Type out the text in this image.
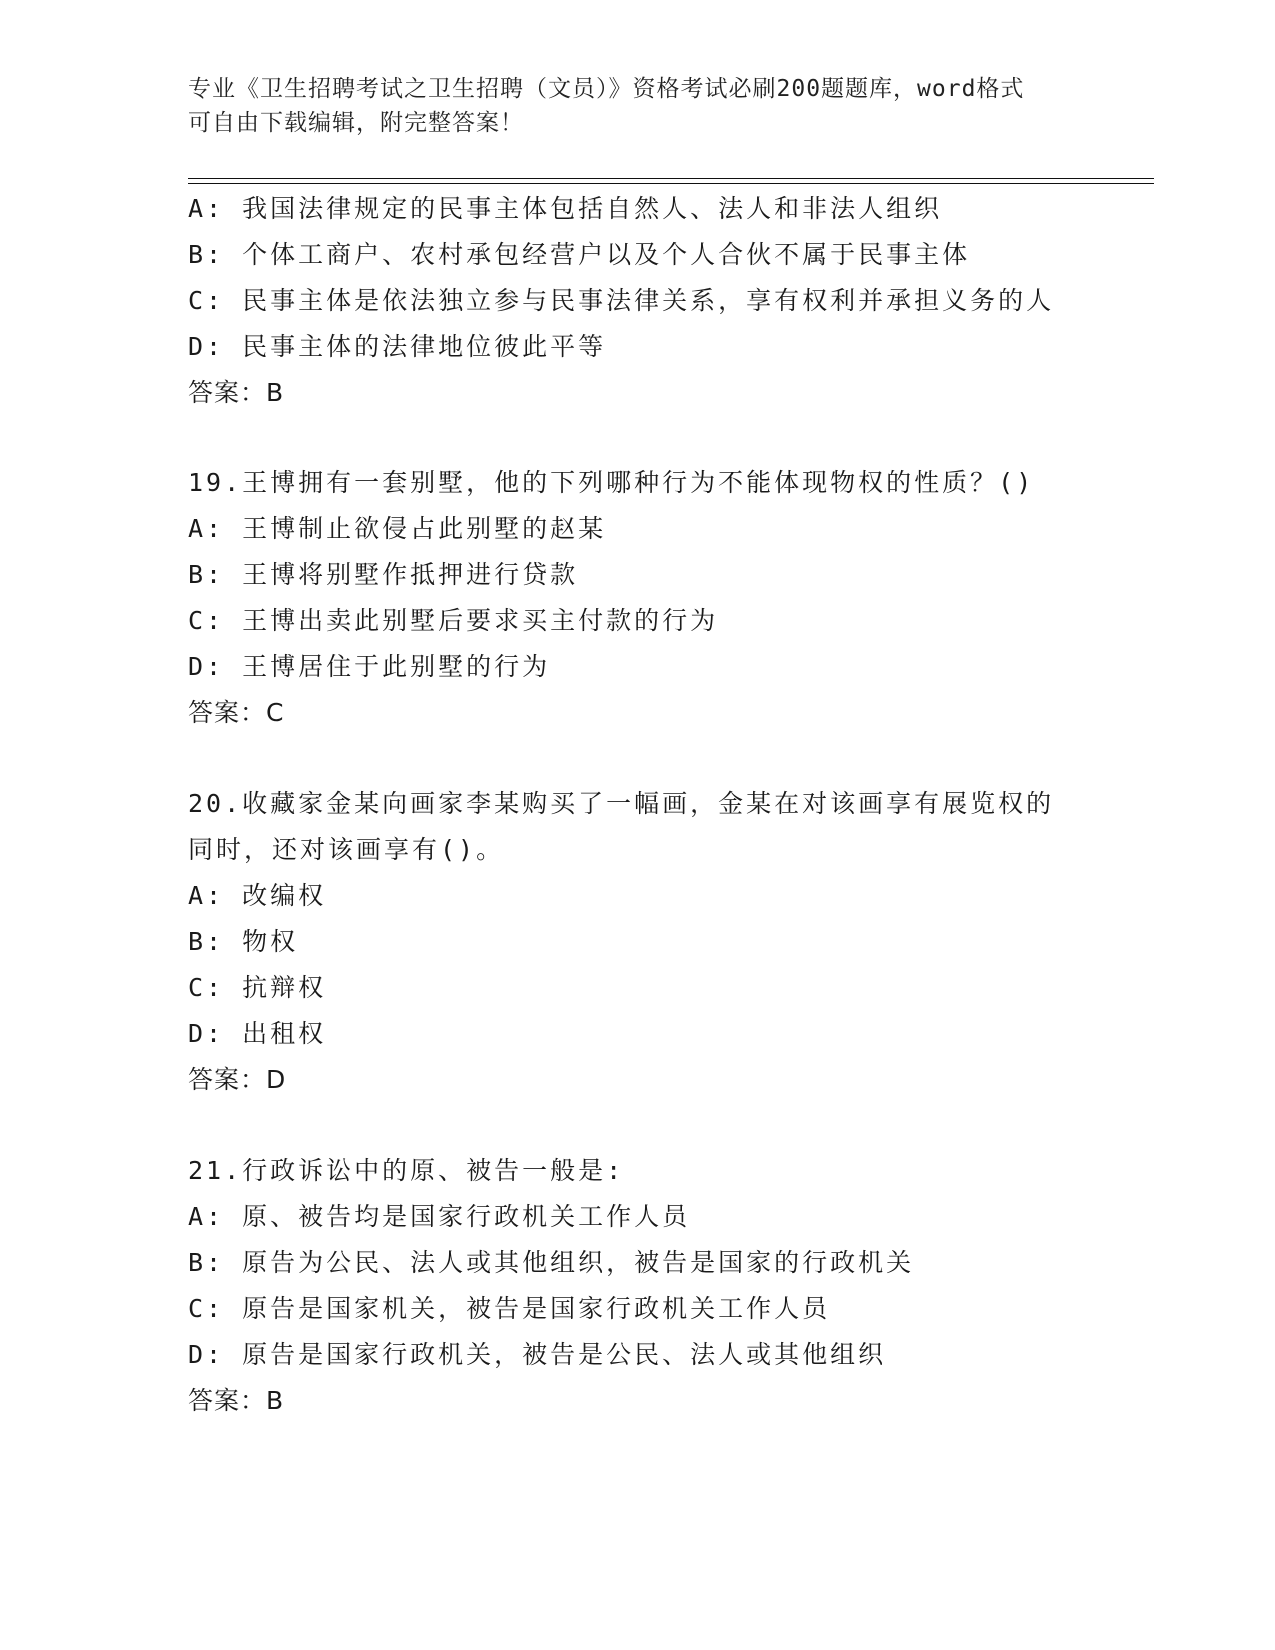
专业《卫生招聘考试之卫生招聘（文员）》资格考试必刷200题题库，word格式
可自由下载编辑，附完整答案！
A: 我国法律规定的民事主体包括自然人、法人和非法人组织
B: 个体工商户、农村承包经营户以及个人合伙不属于民事主体
C: 民事主体是依法独立参与民事法律关系，享有权利并承担义务的人
D: 民事主体的法律地位彼此平等
答案：B
19.王博拥有一套别墅，他的下列哪种行为不能体现物权的性质？()
A: 王博制止欲侵占此别墅的赵某
B: 王博将别墅作抵押进行贷款
C: 王博出卖此别墅后要求买主付款的行为
D: 王博居住于此别墅的行为
答案：C
20.收藏家金某向画家李某购买了一幅画，金某在对该画享有展览权的
同时，还对该画享有()。
A: 改编权
B: 物权
C: 抗辩权
D: 出租权
答案：D
21.行政诉讼中的原、被告一般是:
A: 原、被告均是国家行政机关工作人员
B: 原告为公民、法人或其他组织，被告是国家的行政机关
C: 原告是国家机关，被告是国家行政机关工作人员
D: 原告是国家行政机关，被告是公民、法人或其他组织
答案：B
